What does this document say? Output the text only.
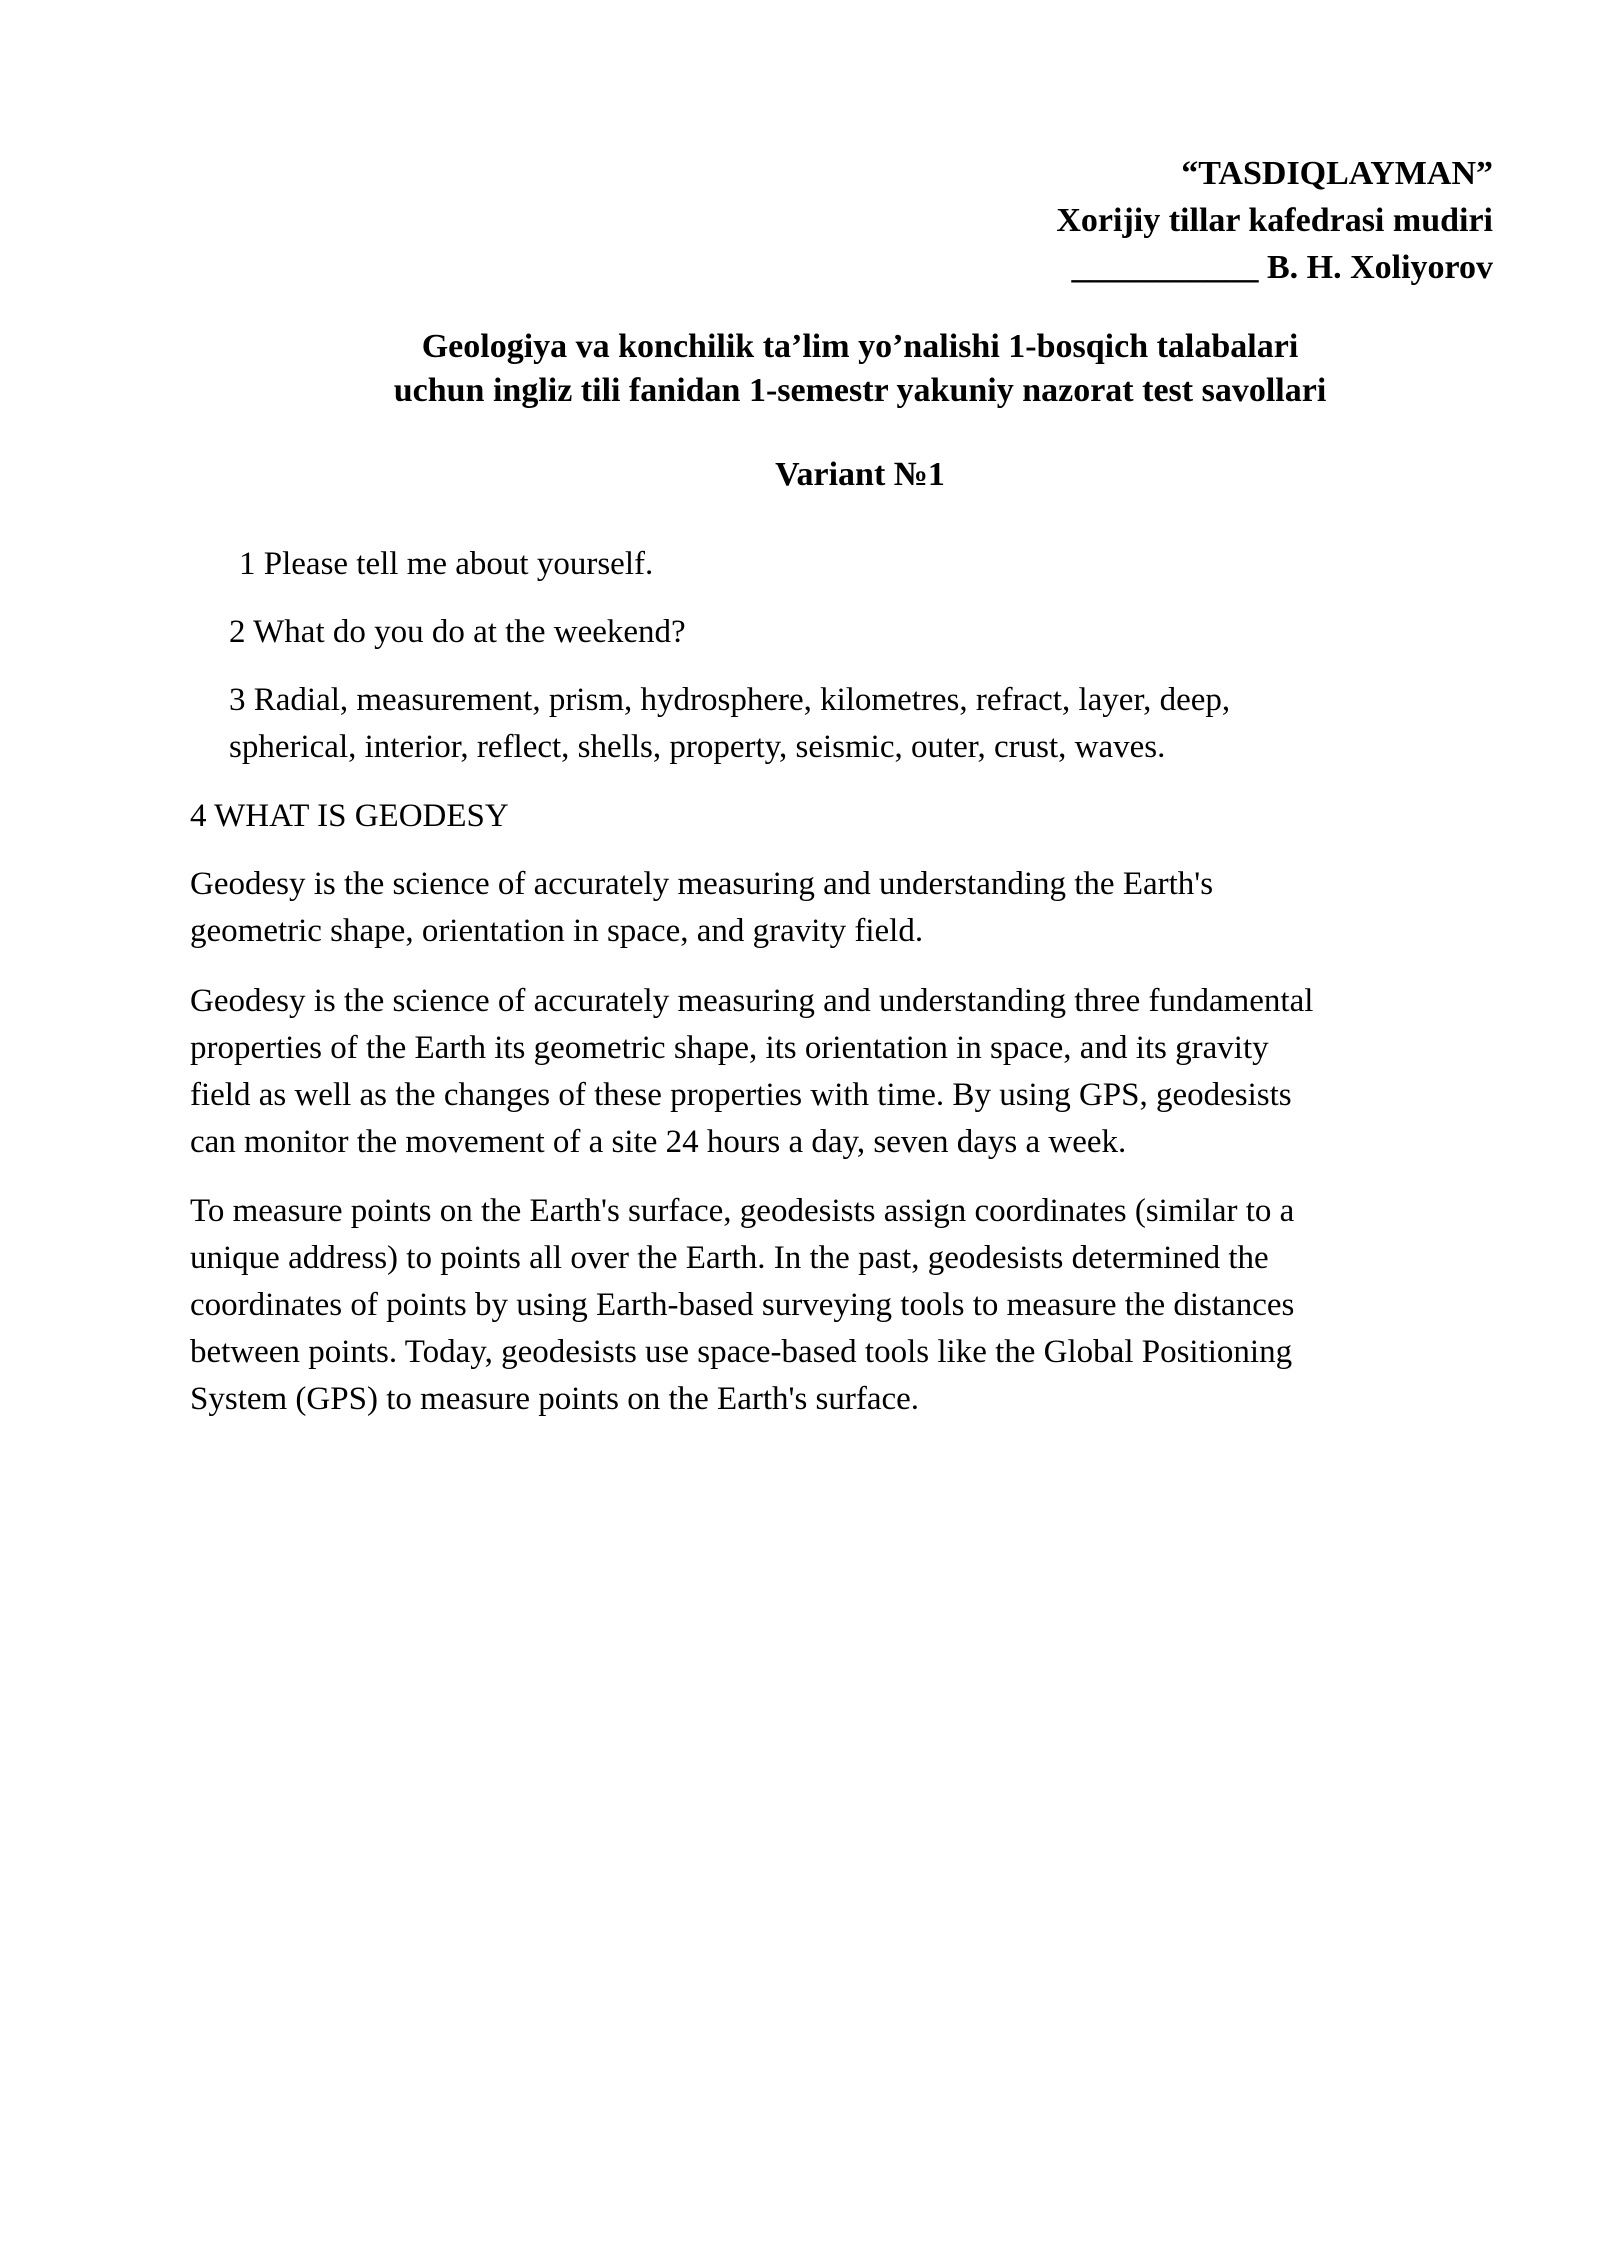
“TASDIQLAYMAN”
Xorijiy tillar kafedrasi mudiri
___________ B. H. Xoliyorov
Geologiya va konchilik ta’lim yo’nalishi 1-bosqich talabalari
uchun ingliz tili fanidan 1-semestr yakuniy nazorat test savollari
Variant №1
1 Please tell me about yourself.
2 What do you do at the weekend?
3 Radial, measurement, prism, hydrosphere, kilometres, refract, layer, deep,
spherical, interior, reflect, shells, property, seismic, outer, crust, waves.
4 WHAT IS GEODESY
Geodesy is the science of accurately measuring and understanding the Earth's
geometric shape, orientation in space, and gravity field.
Geodesy is the science of accurately measuring and understanding three fundamental
properties of the Earth its geometric shape, its orientation in space, and its gravity
field as well as the changes of these properties with time. By using GPS, geodesists
can monitor the movement of a site 24 hours a day, seven days a week.
To measure points on the Earth's surface, geodesists assign coordinates (similar to a
unique address) to points all over the Earth. In the past, geodesists determined the
coordinates of points by using Earth-based surveying tools to measure the distances
between points. Today, geodesists use space-based tools like the Global Positioning
System (GPS) to measure points on the Earth's surface.
